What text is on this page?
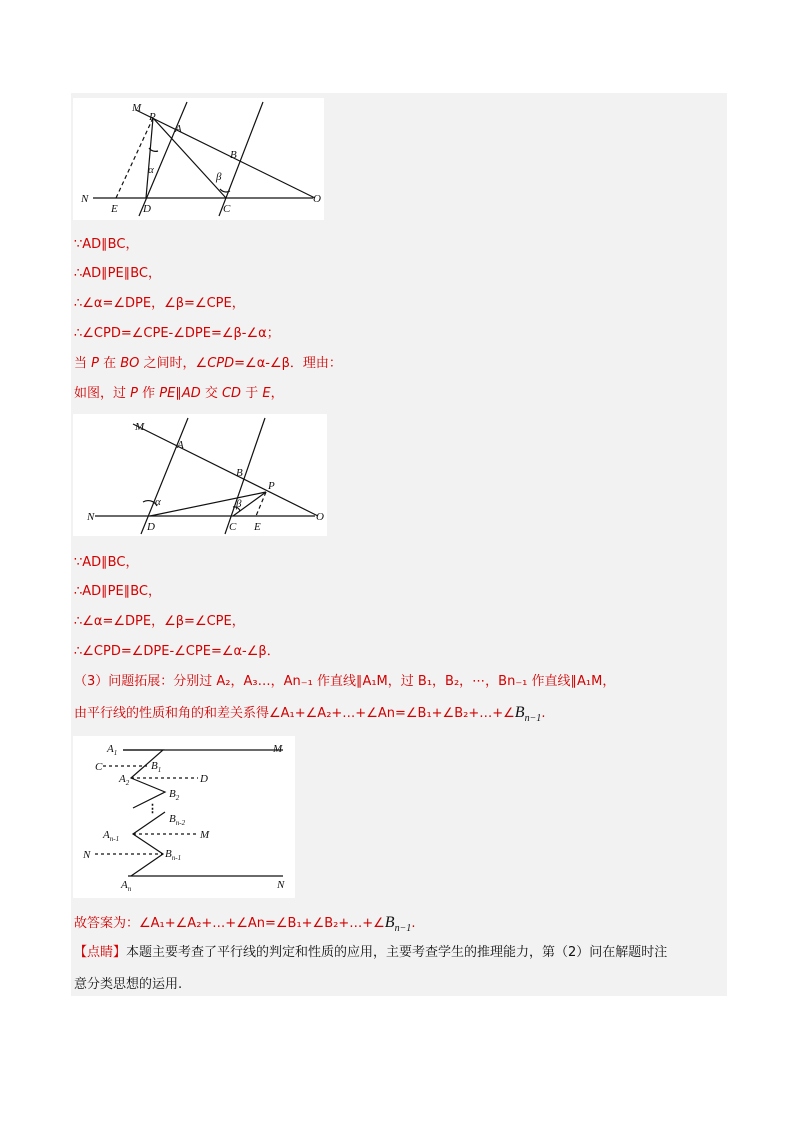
M
P
A
B
N
E D	C
O
α
β

∵AD∥BC，

∴AD∥PE∥BC，

∴∠α=∠DPE，∠β=∠CPE，

∴∠CPD=∠CPE-∠DPE=∠β-∠α；

当 P 在 BO 之间时，∠CPD=∠α-∠β．理由：

如图，过 P 作 PE∥AD 交 CD 于 E，

M
A
B
P
N
D	C E
O
α	β

∵AD∥BC，

∴AD∥PE∥BC，

∴∠α=∠DPE，∠β=∠CPE，

∴∠CPD=∠DPE-∠CPE=∠α-∠β．

（3）问题拓展：分别过 A₂，A₃…，An₋₁ 作直线∥A₁M，过 B₁，B₂，⋯，Bn₋₁ 作直线∥A₁M，

由平行线的性质和角的和差关系得$\angle A_1+\angle A_2+\dots+\angle An=\angle B_1+\angle B_2+\dots+\angle B_{n-1}$.

$A_1$	M
C	$B_1$
$A_2$	D
$B_2$
⋮
$B_{n-2}$
$A_{n-1}$	M
N	$B_{n-1}$
$A_n$	N

故答案为：$\angle A_1+\angle A_2+\dots+\angle An=\angle B_1+\angle B_2+\dots+\angle B_{n-1}$.

【点睛】本题主要考查了平行线的判定和性质的应用，主要考查学生的推理能力，第（2）问在解题时注

意分类思想的运用.
